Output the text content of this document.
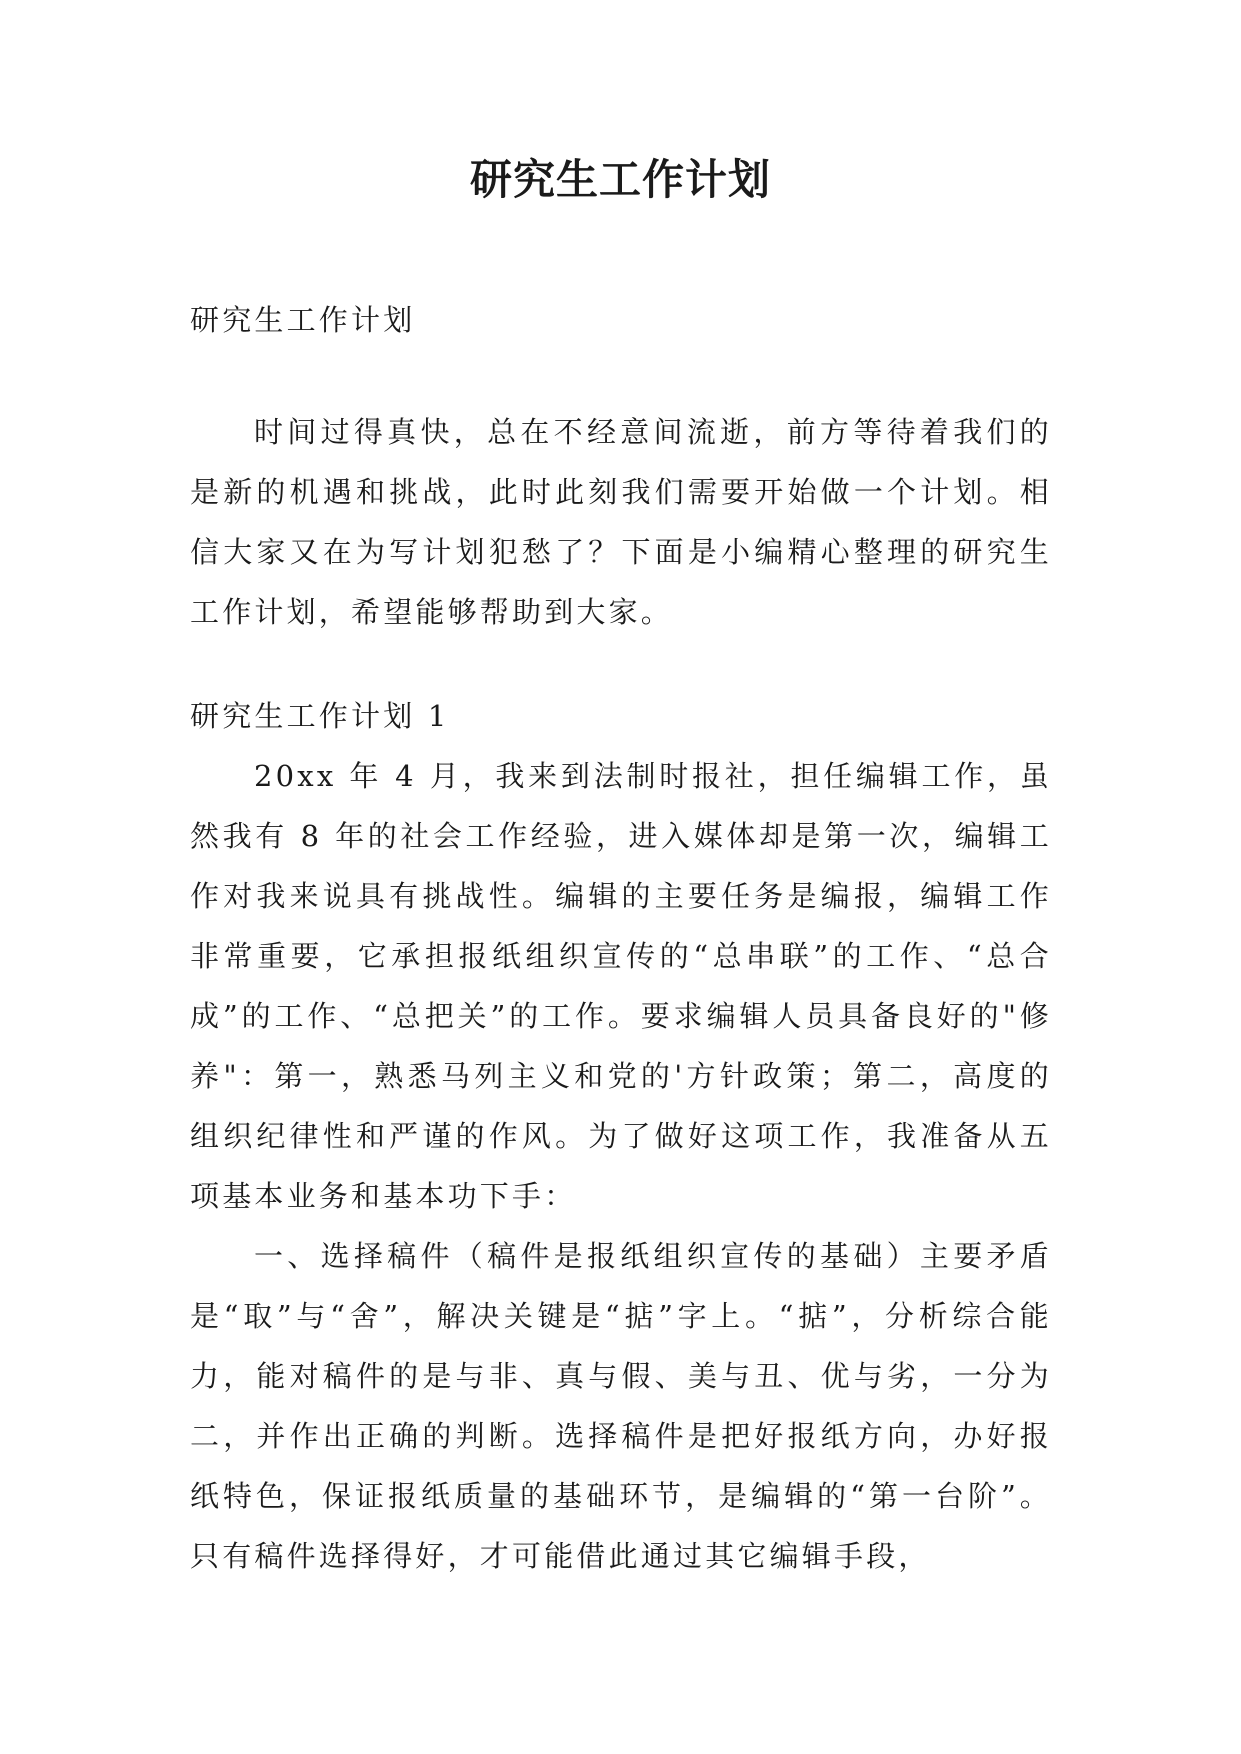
研究生工作计划

研究生工作计划

时间过得真快，总在不经意间流逝，前方等待着我们的是新的机遇和挑战，此时此刻我们需要开始做一个计划。相信大家又在为写计划犯愁了？下面是小编精心整理的研究生工作计划，希望能够帮助到大家。

研究生工作计划 1

20xx 年 4 月，我来到法制时报社，担任编辑工作，虽然我有 8 年的社会工作经验，进入媒体却是第一次，编辑工作对我来说具有挑战性。编辑的主要任务是编报，编辑工作非常重要，它承担报纸组织宣传的“总串联”的工作、“总合成”的工作、“总把关”的工作。要求编辑人员具备良好的"修养"：第一，熟悉马列主义和党的'方针政策；第二，高度的组织纪律性和严谨的作风。为了做好这项工作，我准备从五项基本业务和基本功下手：

一、选择稿件（稿件是报纸组织宣传的基础）主要矛盾是“取”与“舍”，解决关键是“掂”字上。“掂”，分析综合能力，能对稿件的是与非、真与假、美与丑、优与劣，一分为二，并作出正确的判断。选择稿件是把好报纸方向，办好报纸特色，保证报纸质量的基础环节，是编辑的“第一台阶”。只有稿件选择得好，才可能借此通过其它编辑手段，
